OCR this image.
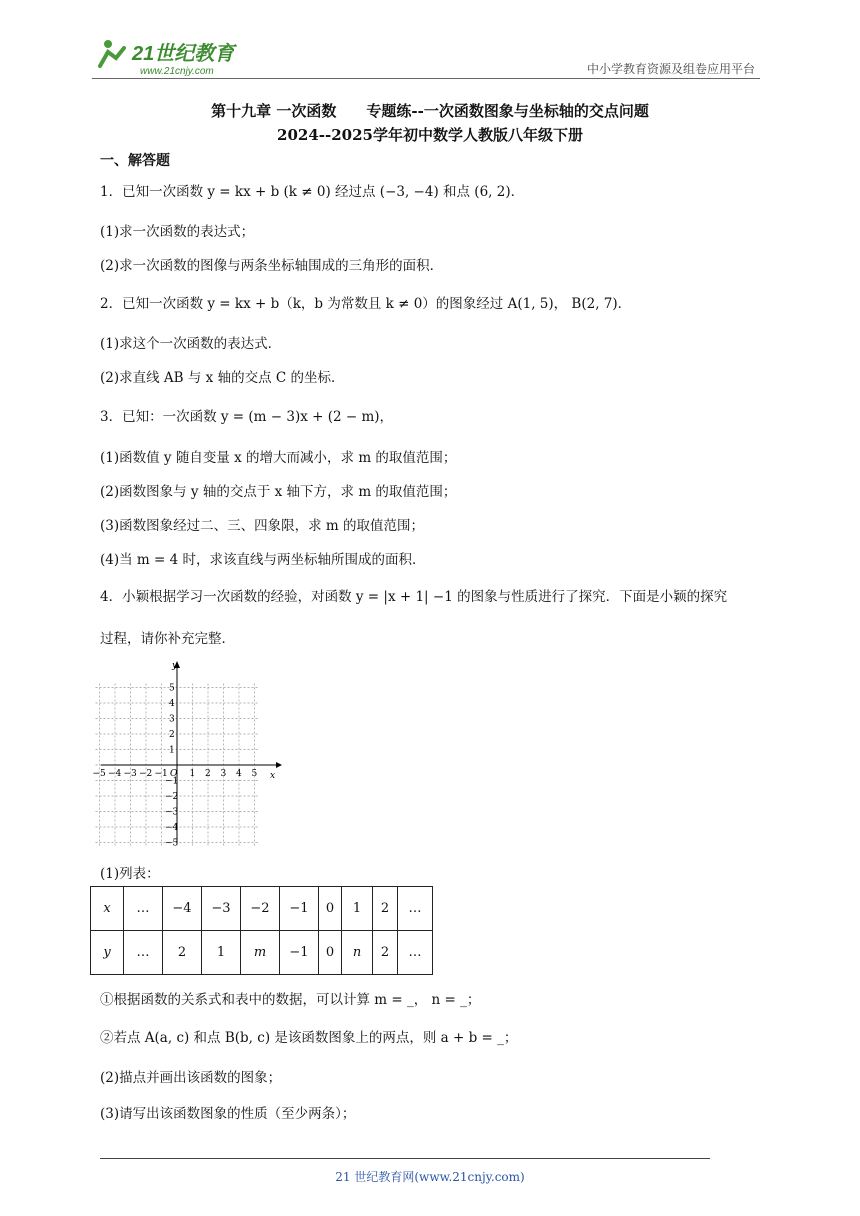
21世纪教育
www.21cnjy.com	中小学教育资源及组卷应用平台
第十九章 一次函数　　专题练--一次函数图象与坐标轴的交点问题
2024--2025学年初中数学人教版八年级下册
一、解答题
1．已知一次函数 y = kx + b (k ≠ 0) 经过点 (−3, −4) 和点 (6, 2)．
(1)求一次函数的表达式；
(2)求一次函数的图像与两条坐标轴围成的三角形的面积．
2．已知一次函数 y = kx + b（k，b 为常数且 k ≠ 0）的图象经过 A(1, 5)， B(2, 7)．
(1)求这个一次函数的表达式．
(2)求直线 AB 与 x 轴的交点 C 的坐标．
3．已知：一次函数 y = (m − 3)x + (2 − m)，
(1)函数值 y 随自变量 x 的增大而减小，求 m 的取值范围；
(2)函数图象与 y 轴的交点于 x 轴下方，求 m 的取值范围；
(3)函数图象经过二、三、四象限，求 m 的取值范围；
(4)当 m = 4 时，求该直线与两坐标轴所围成的面积．
4．小颖根据学习一次函数的经验，对函数 y = |x + 1| −1 的图象与性质进行了探究．下面是小颖的探究
过程，请你补充完整．
x
y
O
−5 −4 −3 −2 −1 1 2 3 4 5
5
4
3
2
1
−1
−2
−3
−4
−5
(1)列表：
x	…	−4	−3	−2	−1	0	1	2	…
y	…	2	1	m	−1	0	n	2	…
①根据函数的关系式和表中的数据，可以计算 m = _， n = _；
②若点 A(a, c) 和点 B(b, c) 是该函数图象上的两点，则 a + b = _；
(2)描点并画出该函数的图象；
(3)请写出该函数图象的性质（至少两条）；
21 世纪教育网(www.21cnjy.com)
